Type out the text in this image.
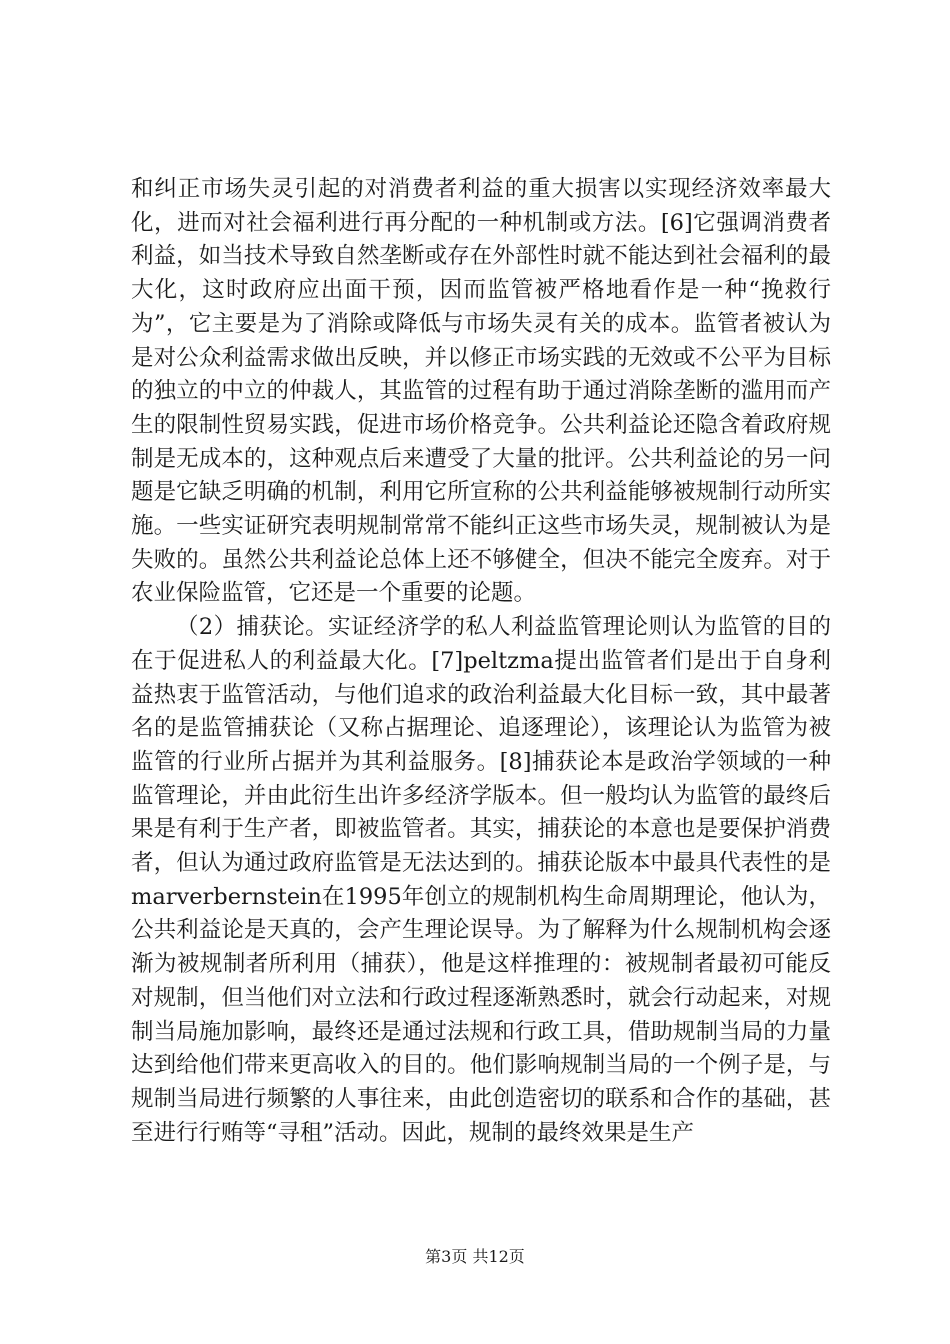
和纠正市场失灵引起的对消费者利益的重大损害以实现经济效率最大化，进而对社会福利进行再分配的一种机制或方法。[6]它强调消费者利益，如当技术导致自然垄断或存在外部性时就不能达到社会福利的最大化，这时政府应出面干预，因而监管被严格地看作是一种“挽救行为”，它主要是为了消除或降低与市场失灵有关的成本。监管者被认为是对公众利益需求做出反映，并以修正市场实践的无效或不公平为目标的独立的中立的仲裁人，其监管的过程有助于通过消除垄断的滥用而产生的限制性贸易实践，促进市场价格竞争。公共利益论还隐含着政府规制是无成本的，这种观点后来遭受了大量的批评。公共利益论的另一问题是它缺乏明确的机制，利用它所宣称的公共利益能够被规制行动所实施。一些实证研究表明规制常常不能纠正这些市场失灵，规制被认为是失败的。虽然公共利益论总体上还不够健全，但决不能完全废弃。对于农业保险监管，它还是一个重要的论题。

（2）捕获论。实证经济学的私人利益监管理论则认为监管的目的在于促进私人的利益最大化。[7]peltzma提出监管者们是出于自身利益热衷于监管活动，与他们追求的政治利益最大化目标一致，其中最著名的是监管捕获论（又称占据理论、追逐理论），该理论认为监管为被监管的行业所占据并为其利益服务。[8]捕获论本是政治学领域的一种监管理论，并由此衍生出许多经济学版本。但一般均认为监管的最终后果是有利于生产者，即被监管者。其实，捕获论的本意也是要保护消费者，但认为通过政府监管是无法达到的。捕获论版本中最具代表性的是marverbernstein在1995年创立的规制机构生命周期理论，他认为，公共利益论是天真的，会产生理论误导。为了解释为什么规制机构会逐渐为被规制者所利用（捕获），他是这样推理的：被规制者最初可能反对规制，但当他们对立法和行政过程逐渐熟悉时，就会行动起来，对规制当局施加影响，最终还是通过法规和行政工具，借助规制当局的力量达到给他们带来更高收入的目的。他们影响规制当局的一个例子是，与规制当局进行频繁的人事往来，由此创造密切的联系和合作的基础，甚至进行行贿等“寻租”活动。因此，规制的最终效果是生产

第3页 共12页
